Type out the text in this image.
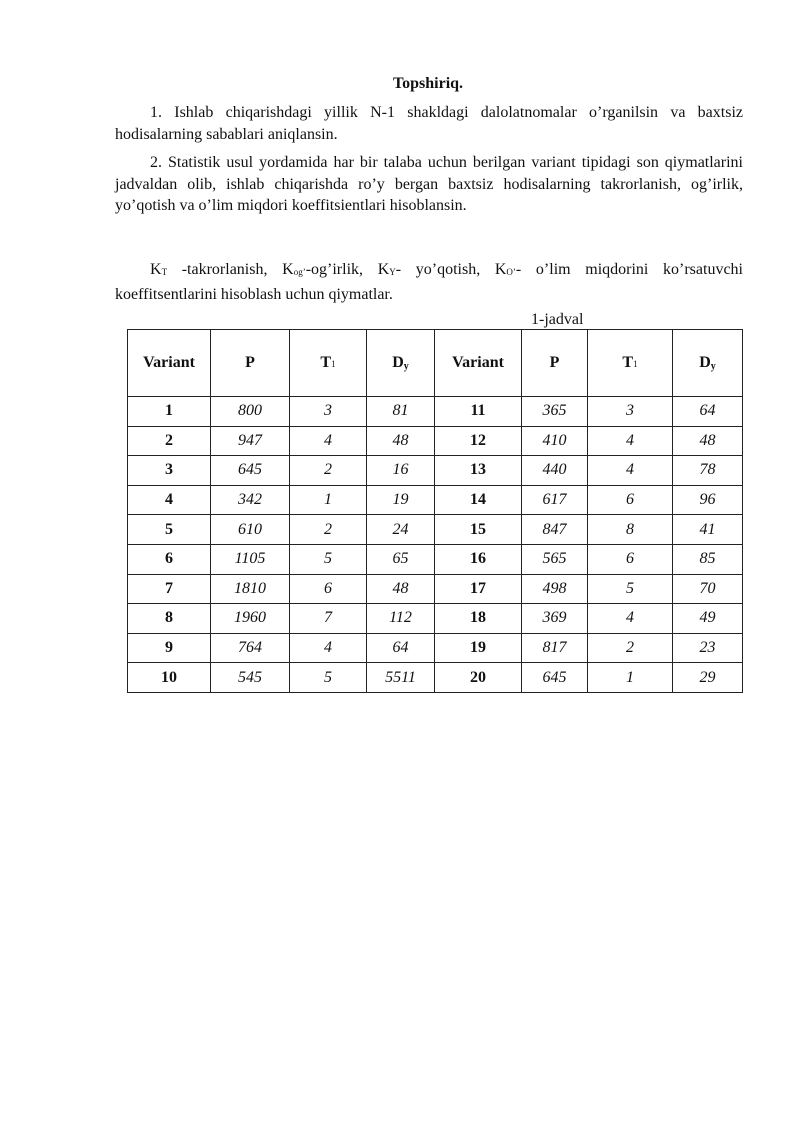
Topshiriq.
1. Ishlab chiqarishdagi yillik N-1 shakldagi dalolatnomalar o’rganilsin va baxtsiz hodisalarning sabablari aniqlansin.
2. Statistik usul yordamida har bir talaba uchun berilgan variant tipidagi son qiymatlarini jadvaldan olib, ishlab chiqarishda ro’y bergan baxtsiz hodisalarning takrorlanish, og’irlik, yo’qotish va o’lim miqdori koeffitsientlari hisoblansin.
KT -takrorlanish, Kog’-og’irlik, KY- yo’qotish, KO’- o’lim miqdorini ko’rsatuvchi koeffitsentlarini hisoblash uchun qiymatlar.
1-jadval
Variant	P	T1	Dy	Variant	P	T1	Dy
1	800	3	81	11	365	3	64
2	947	4	48	12	410	4	48
3	645	2	16	13	440	4	78
4	342	1	19	14	617	6	96
5	610	2	24	15	847	8	41
6	1105	5	65	16	565	6	85
7	1810	6	48	17	498	5	70
8	1960	7	112	18	369	4	49
9	764	4	64	19	817	2	23
10	545	5	5511	20	645	1	29
